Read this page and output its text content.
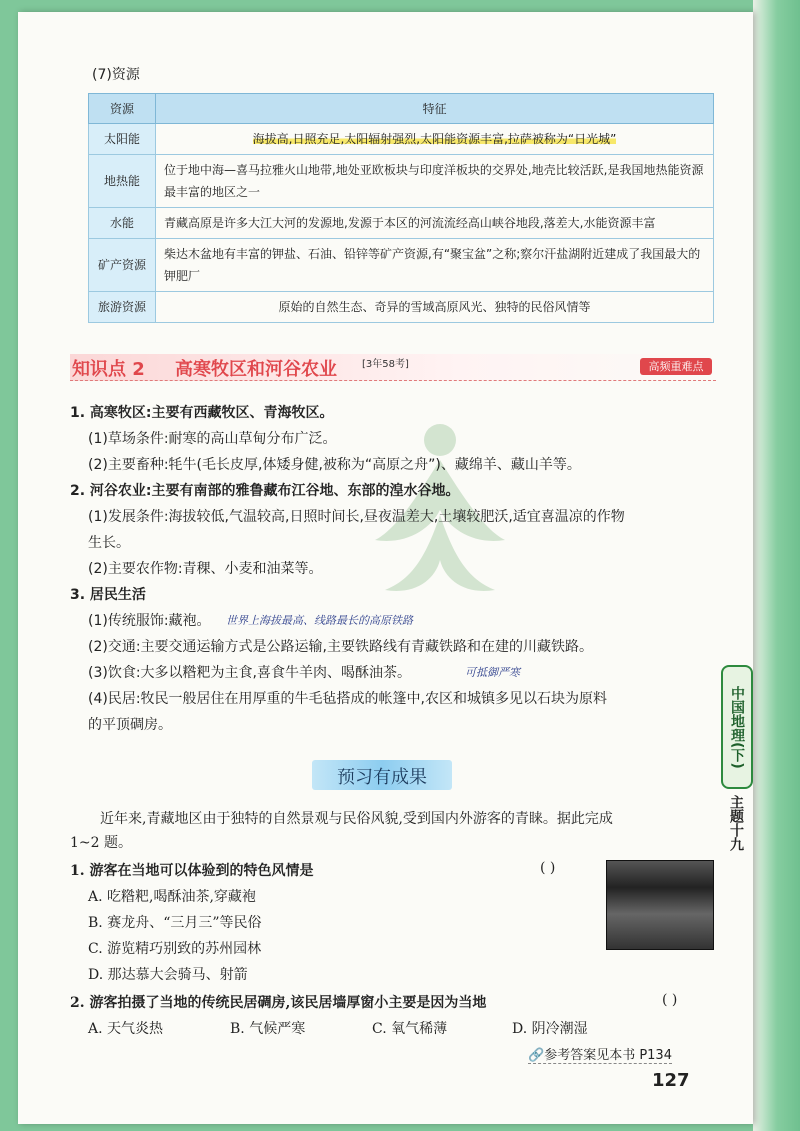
(7)资源
资源	特征
太阳能	海拔高,日照充足,太阳辐射强烈,太阳能资源丰富,拉萨被称为“日光城”
地热能	位于地中海—喜马拉雅火山地带,地处亚欧板块与印度洋板块的交界处,地壳比较活跃,是我国地热能资源最丰富的地区之一
水能	青藏高原是许多大江大河的发源地,发源于本区的河流流经高山峡谷地段,落差大,水能资源丰富
矿产资源	柴达木盆地有丰富的钾盐、石油、铅锌等矿产资源,有“聚宝盆”之称;察尔汗盐湖附近建成了我国最大的钾肥厂
旅游资源	原始的自然生态、奇异的雪域高原风光、独特的民俗风情等
知识点 2 高寒牧区和河谷农业	[3年58考]	高频重难点
1. 高寒牧区:主要有西藏牧区、青海牧区。
(1)草场条件:耐寒的高山草甸分布广泛。
(2)主要畜种:牦牛(毛长皮厚,体矮身健,被称为“高原之舟”)、藏绵羊、藏山羊等。
2. 河谷农业:主要有南部的雅鲁藏布江谷地、东部的湟水谷地。
(1)发展条件:海拔较低,气温较高,日照时间长,昼夜温差大,土壤较肥沃,适宜喜温凉的作物
生长。
(2)主要农作物:青稞、小麦和油菜等。
3. 居民生活
(1)传统服饰:藏袍。 世界上海拔最高、线路最长的高原铁路
(2)交通:主要交通运输方式是公路运输,主要铁路线有青藏铁路和在建的川藏铁路。
(3)饮食:大多以糌粑为主食,喜食牛羊肉、喝酥油茶。	可抵御严寒
(4)民居:牧民一般居住在用厚重的牛毛毡搭成的帐篷中,农区和城镇多见以石块为原料
的平顶碉房。	中国地理(下)
主题十九
预习有成果
近年来,青藏地区由于独特的自然景观与民俗风貌,受到国内外游客的青睐。据此完成
1~2 题。
1. 游客在当地可以体验到的特色风情是	( )
A. 吃糌粑,喝酥油茶,穿藏袍
B. 赛龙舟、“三月三”等民俗
C. 游览精巧别致的苏州园林
D. 那达慕大会骑马、射箭
2. 游客拍摄了当地的传统民居碉房,该民居墙厚窗小主要是因为当地	( )
A. 天气炎热	B. 气候严寒	C. 氧气稀薄	D. 阴冷潮湿
🔗参考答案见本书 P134
127
